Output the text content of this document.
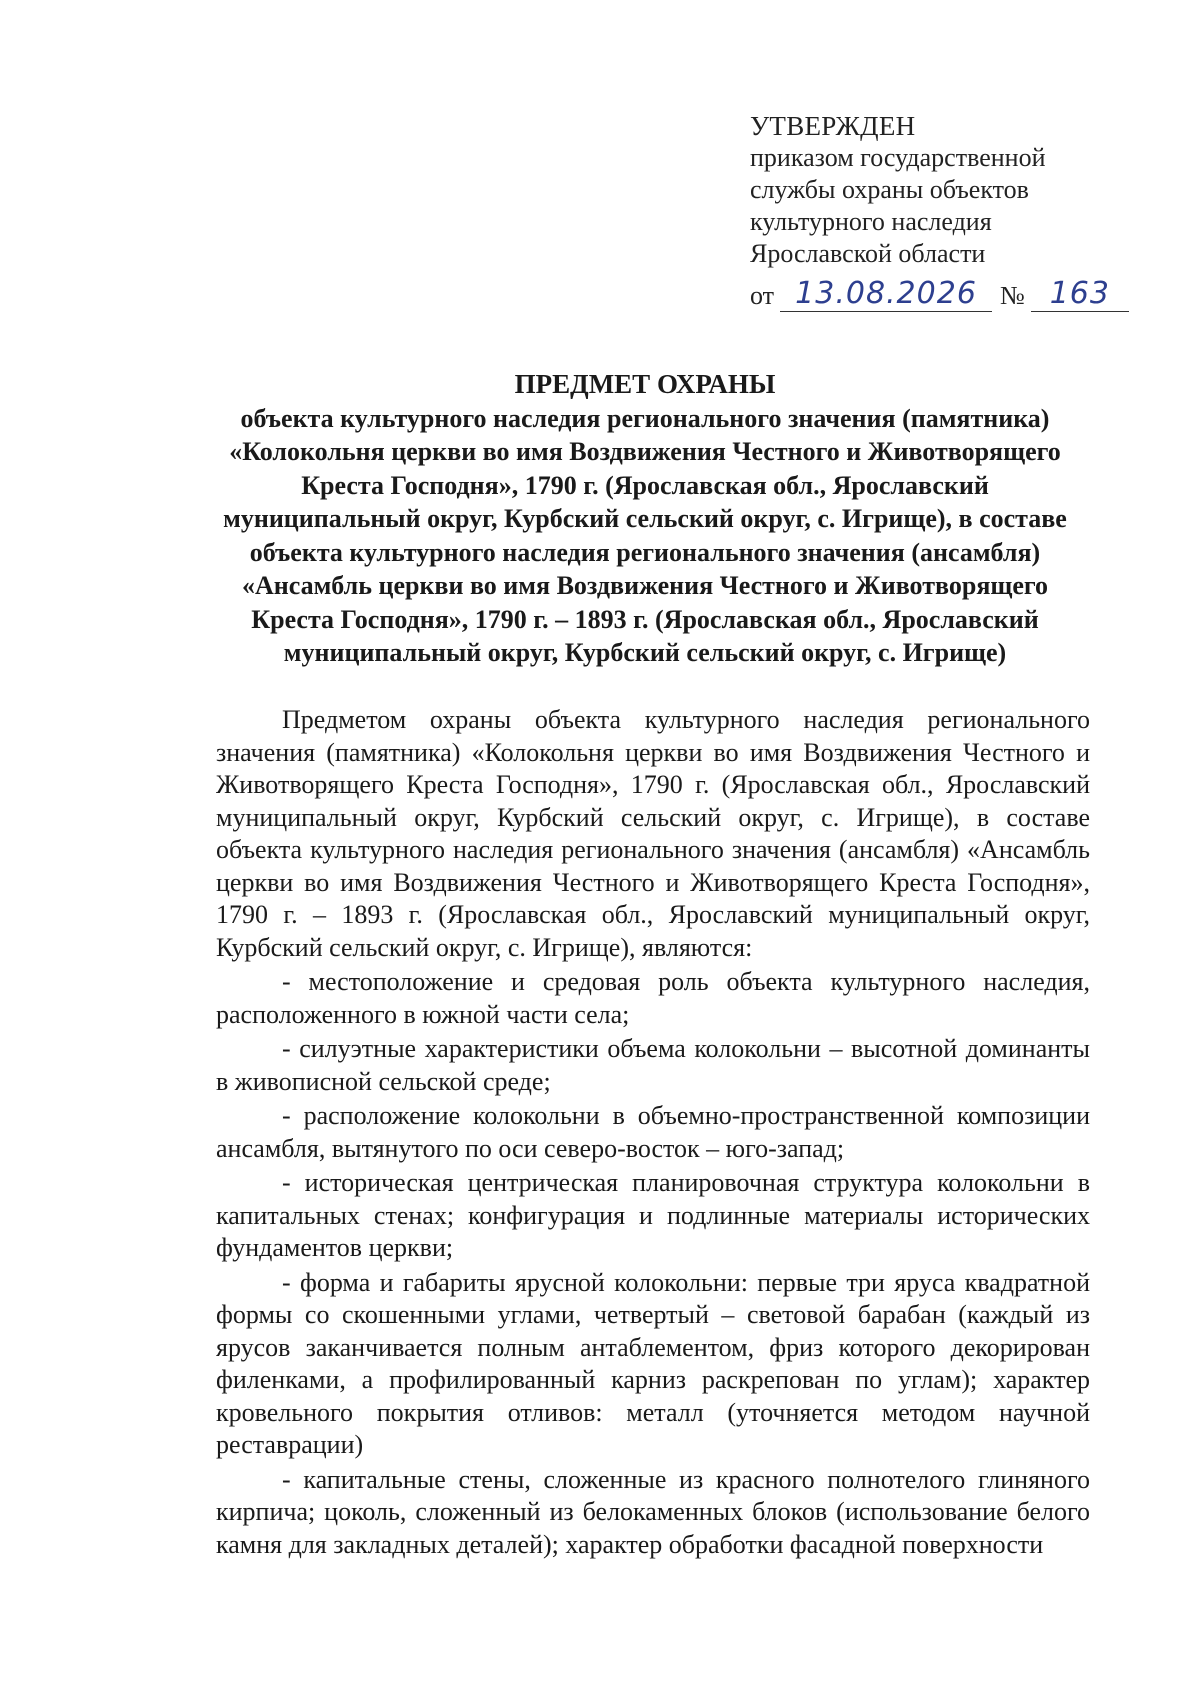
УТВЕРЖДЕН
приказом государственной
службы охраны объектов
культурного наследия
Ярославской области
от 13.08.2026 № 163
ПРЕДМЕТ ОХРАНЫ
объекта культурного наследия регионального значения (памятника) «Колокольня церкви во имя Воздвижения Честного и Животворящего Креста Господня», 1790 г. (Ярославская обл., Ярославский муниципальный округ, Курбский сельский округ, с. Игрище), в составе объекта культурного наследия регионального значения (ансамбля) «Ансамбль церкви во имя Воздвижения Честного и Животворящего Креста Господня», 1790 г. – 1893 г. (Ярославская обл., Ярославский муниципальный округ, Курбский сельский округ, с. Игрище)

Предметом охраны объекта культурного наследия регионального значения (памятника) «Колокольня церкви во имя Воздвижения Честного и Животворящего Креста Господня», 1790 г. (Ярославская обл., Ярославский муниципальный округ, Курбский сельский округ, с. Игрище), в составе объекта культурного наследия регионального значения (ансамбля) «Ансамбль церкви во имя Воздвижения Честного и Животворящего Креста Господня», 1790 г. – 1893 г. (Ярославская обл., Ярославский муниципальный округ, Курбский сельский округ, с. Игрище), являются:

- местоположение и средовая роль объекта культурного наследия, расположенного в южной части села;

- силуэтные характеристики объема колокольни – высотной доминанты в живописной сельской среде;

- расположение колокольни в объемно-пространственной композиции ансамбля, вытянутого по оси северо-восток – юго-запад;

- историческая центрическая планировочная структура колокольни в капитальных стенах; конфигурация и подлинные материалы исторических фундаментов церкви;

- форма и габариты ярусной колокольни: первые три яруса квадратной формы со скошенными углами, четвертый – световой барабан (каждый из ярусов заканчивается полным антаблементом, фриз которого декорирован филенками, а профилированный карниз раскрепован по углам); характер кровельного покрытия отливов: металл (уточняется методом научной реставрации)

- капитальные стены, сложенные из красного полнотелого глиняного кирпича; цоколь, сложенный из белокаменных блоков (использование белого камня для закладных деталей); характер обработки фасадной поверхности
